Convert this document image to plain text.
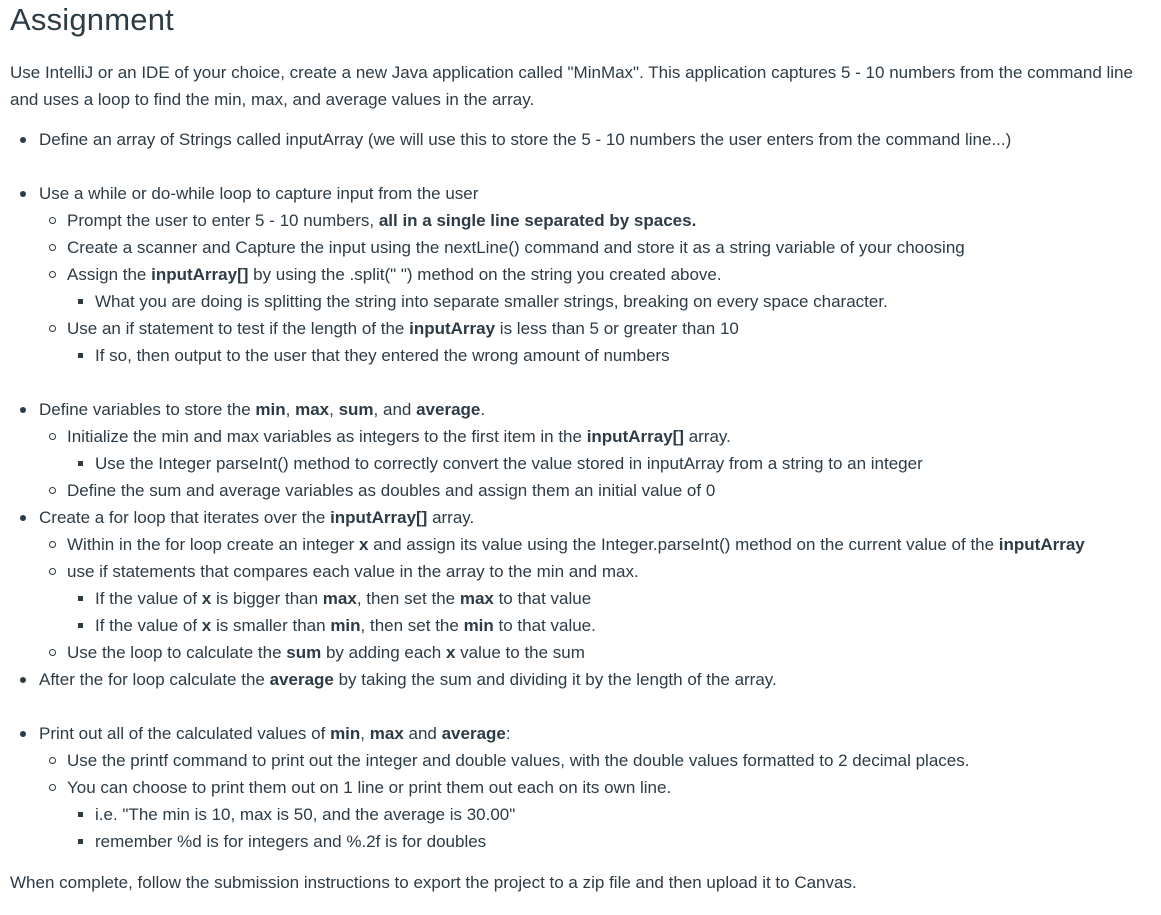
Assignment

Use IntelliJ or an IDE of your choice, create a new Java application called "MinMax". This application captures 5 - 10 numbers from the command line and uses a loop to find the min, max, and average values in the array.

Define an array of Strings called inputArray (we will use this to store the 5 - 10 numbers the user enters from the command line...)
Use a while or do-while loop to capture input from the user
Prompt the user to enter 5 - 10 numbers, all in a single line separated by spaces.
Create a scanner and Capture the input using the nextLine() command and store it as a string variable of your choosing
Assign the inputArray[] by using the .split(" ") method on the string you created above.
What you are doing is splitting the string into separate smaller strings, breaking on every space character.
Use an if statement to test if the length of the inputArray is less than 5 or greater than 10
If so, then output to the user that they entered the wrong amount of numbers
Define variables to store the min, max, sum, and average.
Initialize the min and max variables as integers to the first item in the inputArray[] array.
Use the Integer parseInt() method to correctly convert the value stored in inputArray from a string to an integer
Define the sum and average variables as doubles and assign them an initial value of 0
Create a for loop that iterates over the inputArray[] array.
Within in the for loop create an integer x and assign its value using the Integer.parseInt() method on the current value of the inputArray
use if statements that compares each value in the array to the min and max.
If the value of x is bigger than max, then set the max to that value
If the value of x is smaller than min, then set the min to that value.
Use the loop to calculate the sum by adding each x value to the sum
After the for loop calculate the average by taking the sum and dividing it by the length of the array.
Print out all of the calculated values of min, max and average:
Use the printf command to print out the integer and double values, with the double values formatted to 2 decimal places.
You can choose to print them out on 1 line or print them out each on its own line.
i.e. "The min is 10, max is 50, and the average is 30.00"
remember %d is for integers and %.2f is for doubles

When complete, follow the submission instructions to export the project to a zip file and then upload it to Canvas.
